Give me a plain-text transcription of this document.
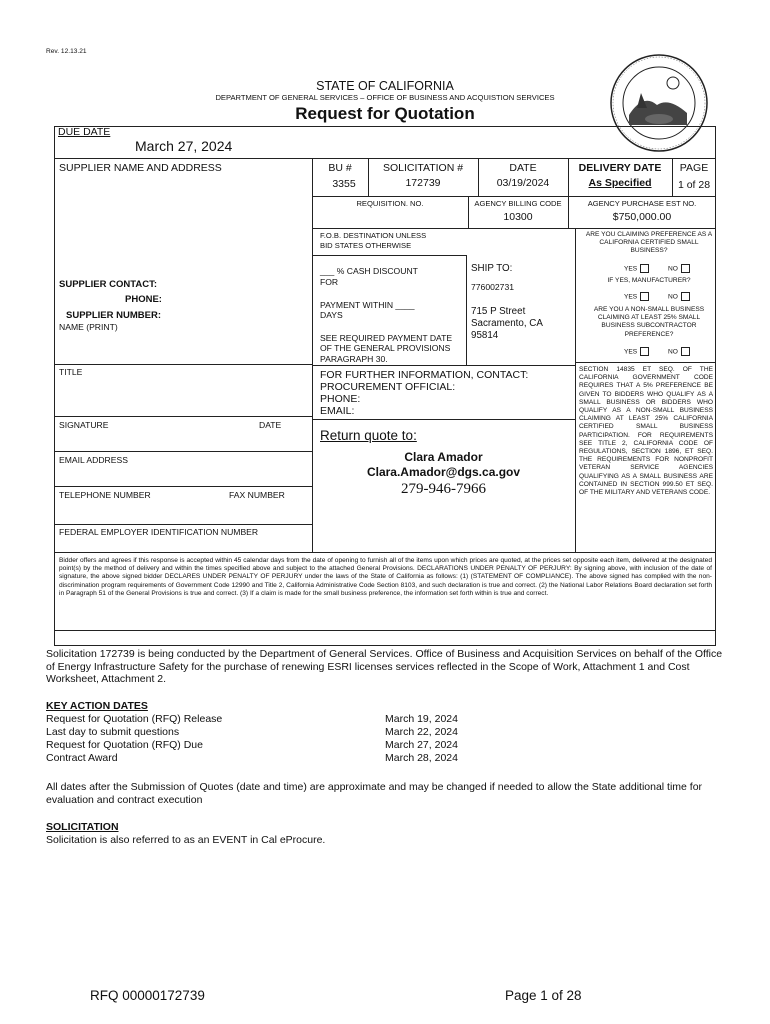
Rev. 12.13.21
STATE OF CALIFORNIA
DEPARTMENT OF GENERAL SERVICES – OFFICE OF BUSINESS AND ACQUISTION SERVICES
Request for Quotation
DUE DATE
March 27, 2024
SUPPLIER NAME AND ADDRESS
SUPPLIER CONTACT:
PHONE:
SUPPLIER NUMBER:
NAME (PRINT)
TITLE
SIGNATURE	DATE
EMAIL ADDRESS
TELEPHONE NUMBER	FAX NUMBER
FEDERAL EMPLOYER IDENTIFICATION NUMBER
BU #
3355
SOLICITATION #
172739
DATE
03/19/2024
DELIVERY DATE
As Specified
PAGE
1 of 28
REQUISITION. NO.	AGENCY BILLING CODE
10300
AGENCY PURCHASE EST NO.
$750,000.00
F.O.B. DESTINATION UNLESS
BID STATES OTHERWISE
___ % CASH DISCOUNT
FOR
PAYMENT WITHIN ____
DAYS
SEE REQUIRED PAYMENT DATE OF THE GENERAL PROVISIONS PARAGRAPH 30.
SHIP TO:
776002731
715 P Street
Sacramento, CA
95814
ARE YOU CLAIMING PREFERENCE AS A CALIFORNIA CERTIFIED SMALL BUSINESS?
YES	NO
IF YES, MANUFACTURER?
YES	NO
ARE YOU A NON-SMALL BUSINESS CLAIMING AT LEAST 25% SMALL BUSINESS SUBCONTRACTOR PREFERENCE?
YES	NO
SECTION 14835 ET SEQ. OF THE CALIFORNIA GOVERNMENT CODE REQUIRES THAT A 5% PREFERENCE BE GIVEN TO BIDDERS WHO QUALIFY AS A SMALL BUSINESS OR BIDDERS WHO QUALIFY AS A NON-SMALL BUSINESS CLAIMING AT LEAST 25% CALIFORNIA CERTIFIED SMALL BUSINESS PARTICIPATION. FOR REQUIREMENTS SEE TITLE 2, CALIFORNIA CODE OF REGULATIONS, SECTION 1896, ET SEQ. THE REQUIREMENTS FOR NONPROFIT VETERAN SERVICE AGENCIES QUALIFYING AS A SMALL BUSINESS ARE CONTAINED IN SECTION 999.50 ET SEQ. OF THE MILITARY AND VETERANS CODE.
FOR FURTHER INFORMATION, CONTACT:
PROCUREMENT OFFICIAL:
PHONE:
EMAIL:
Return quote to:
Clara Amador
Clara.Amador@dgs.ca.gov
279-946-7966
Bidder offers and agrees if this response is accepted within 45 calendar days from the date of opening to furnish all of the items upon which prices are quoted, at the prices set opposite each item, delivered at the designated point(s) by the method of delivery and within the times specified above and subject to the attached General Provisions. DECLARATIONS UNDER PENALTY OF PERJURY: By signing above, with inclusion of the date of signature, the above signed bidder DECLARES UNDER PENALTY OF PERJURY under the laws of the State of California as follows: (1) (STATEMENT OF COMPLIANCE). The above signed has complied with the non-discrimination program requirements of Government Code 12990 and Title 2, California Administrative Code Section 8103, and such declaration is true and correct. (2) the National Labor Relations Board declaration set forth in Paragraph 51 of the General Provisions is true and correct. (3) If a claim is made for the small business preference, the information set forth within is true and correct.
Solicitation 172739 is being conducted by the Department of General Services. Office of Business and Acquisition Services on behalf of the Office of Energy Infrastructure Safety for the purchase of renewing ESRI licenses services reflected in the Scope of Work, Attachment 1 and Cost Worksheet, Attachment 2.
KEY ACTION DATES
Request for Quotation (RFQ) Release	March 19, 2024
Last day to submit questions	March 22, 2024
Request for Quotation (RFQ) Due	March 27, 2024
Contract Award	March 28, 2024
All dates after the Submission of Quotes (date and time) are approximate and may be changed if needed to allow the State additional time for evaluation and contract execution
SOLICITATION
Solicitation is also referred to as an EVENT in Cal eProcure.
RFQ 00000172739	Page 1 of 28
